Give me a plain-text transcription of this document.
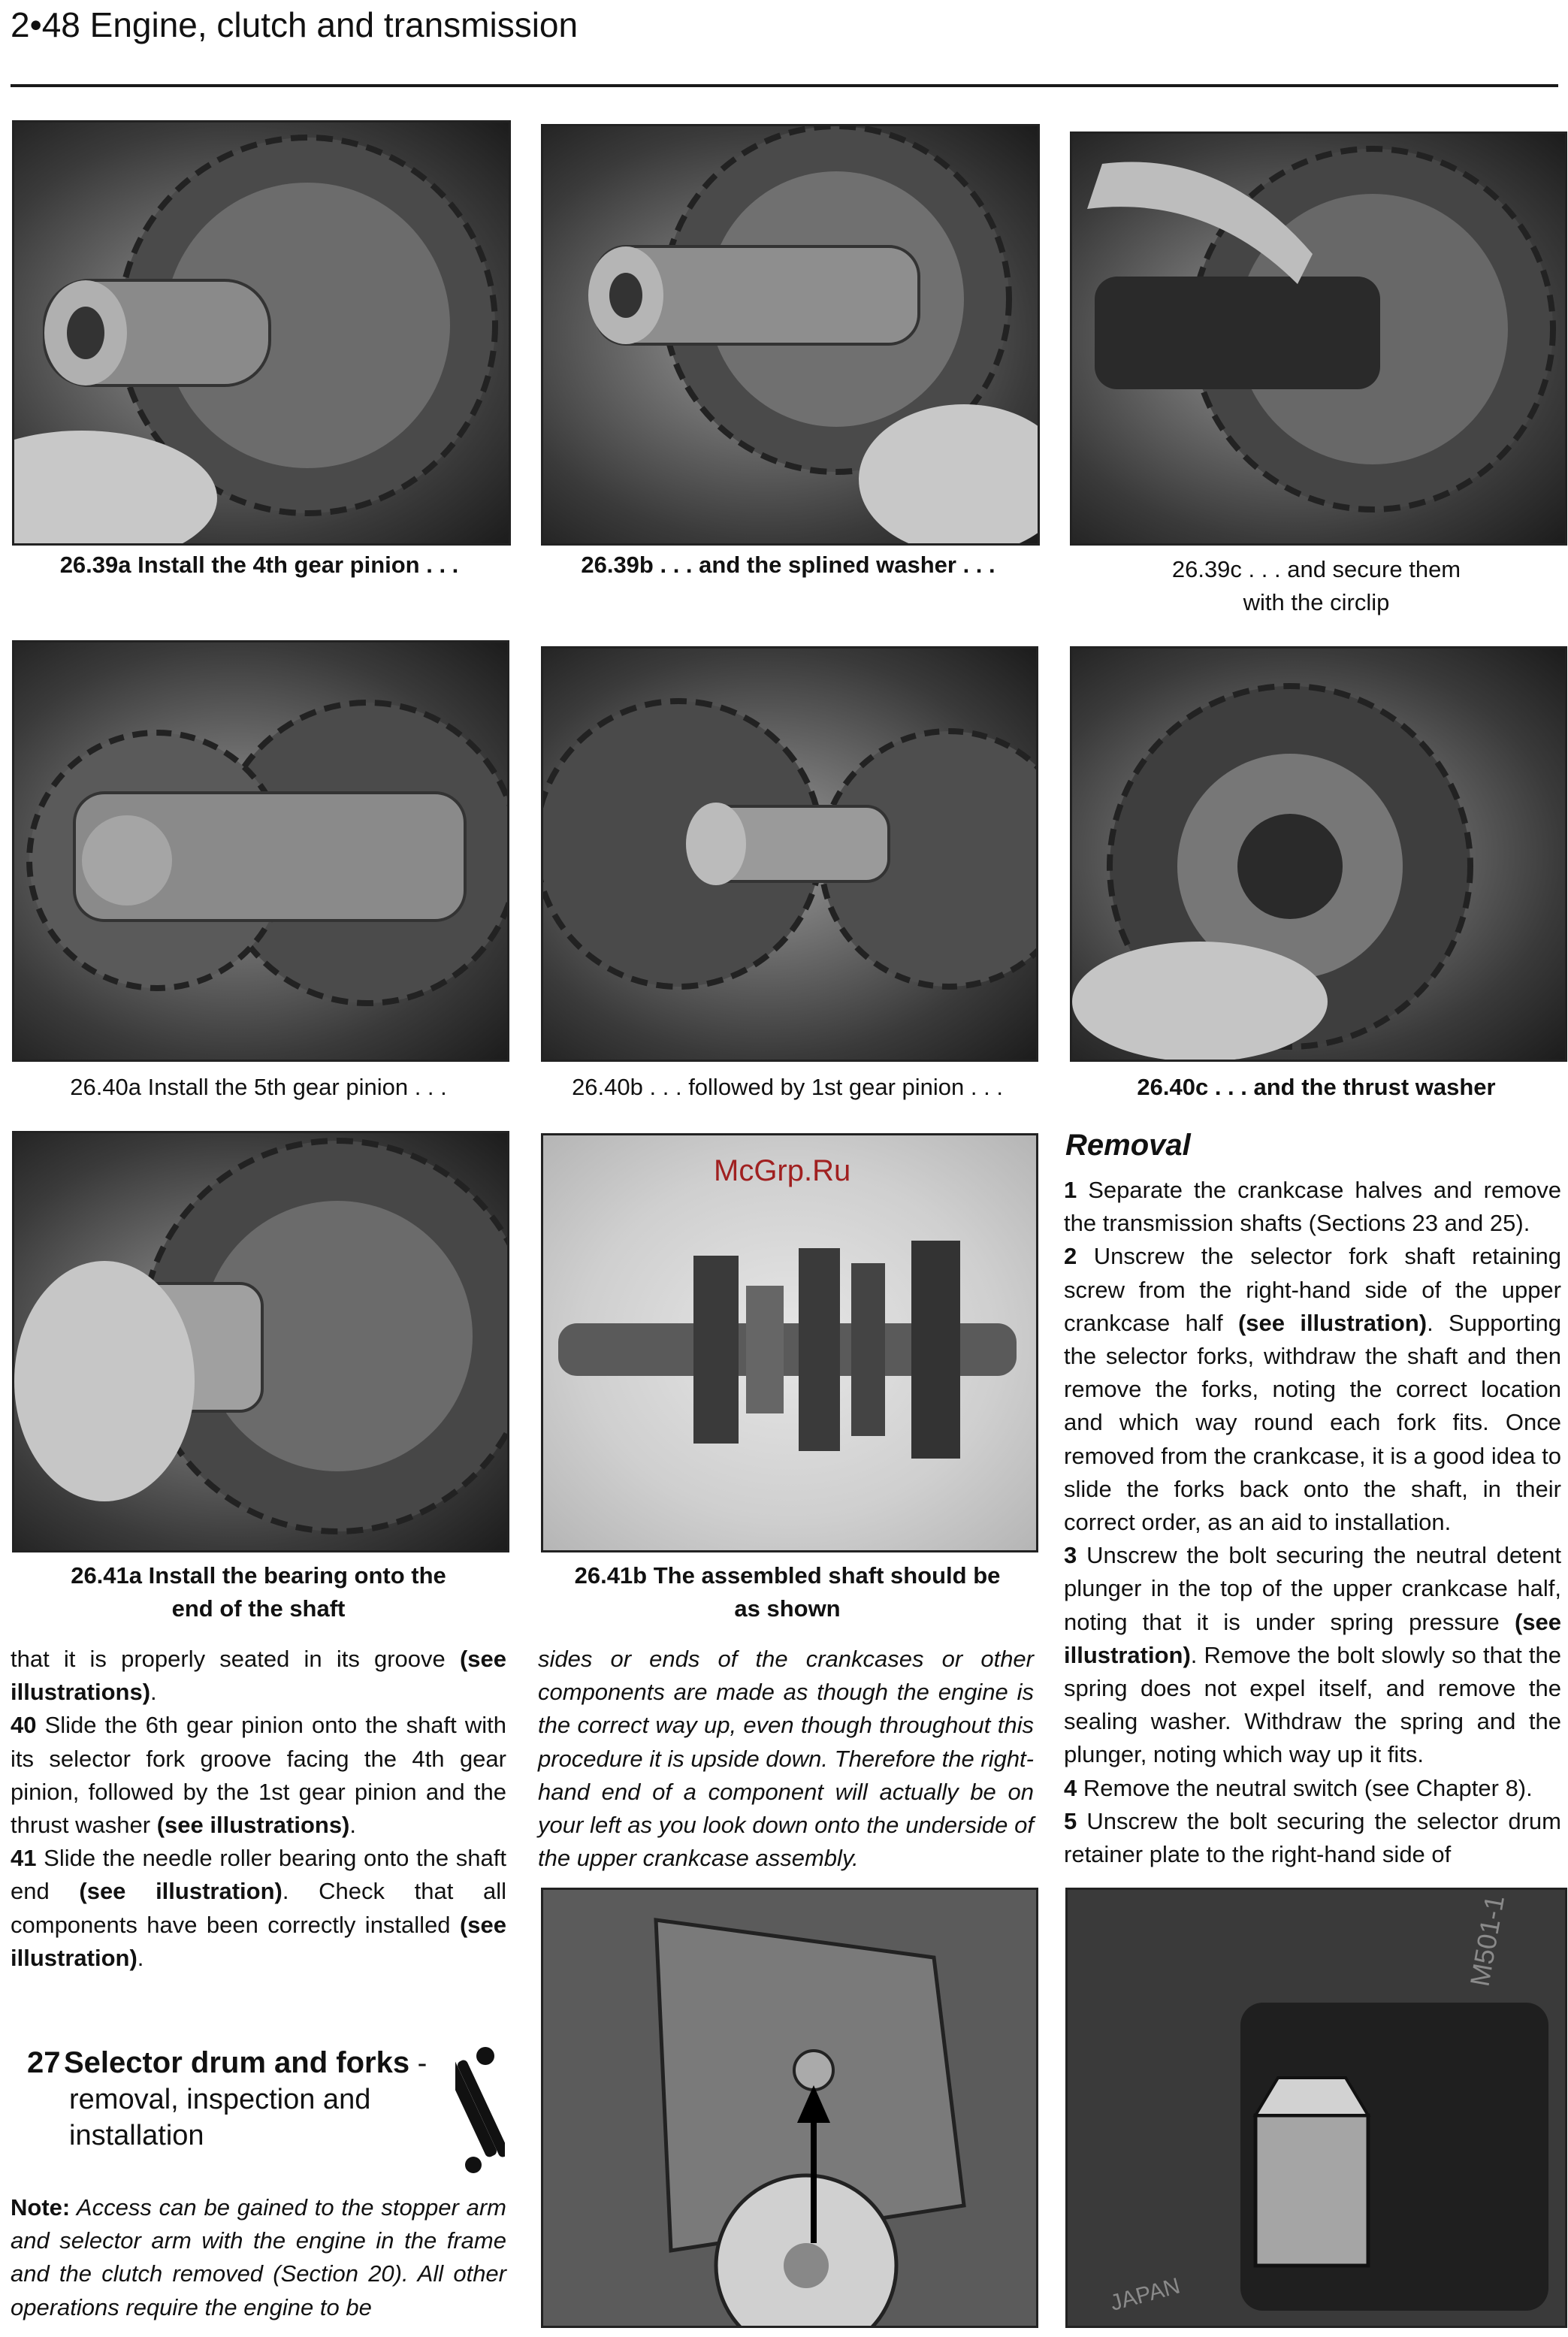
2•48 Engine, clutch and transmission
26.39a Install the 4th gear pinion . . .	26.39b . . . and the splined washer . . .	26.39c . . . and secure them
with the circlip
26.40a Install the 5th gear pinion . . .	26.40b . . . followed by 1st gear pinion . . .	26.40c . . . and the thrust washer
McGrp.Ru
Removal
26.41a Install the bearing onto the
end of the shaft
26.41b The assembled shaft should be
as shown

that it is properly seated in its groove (see illustrations).

40 Slide the 6th gear pinion onto the shaft with its selector fork groove facing the 4th gear pinion, followed by the 1st gear pinion and the thrust washer (see illustrations).

41 Slide the needle roller bearing onto the shaft end (see illustration). Check that all components have been correctly installed (see illustration).

27 Selector drum and forks -
removal, inspection and
installation

Note: Access can be gained to the stopper arm and selector arm with the engine in the frame and the clutch removed (Section 20). All other operations require the engine to be

sides or ends of the crankcases or other components are made as though the engine is the correct way up, even though throughout this procedure it is upside down. Therefore the right-hand end of a component will actually be on your left as you look down onto the underside of the upper crankcase assembly.

1 Separate the crankcase halves and remove the transmission shafts (Sections 23 and 25).

2 Unscrew the selector fork shaft retaining screw from the right-hand side of the upper crankcase half (see illustration). Supporting the selector forks, withdraw the shaft and then remove the forks, noting the correct location and which way round each fork fits. Once removed from the crankcase, it is a good idea to slide the forks back onto the shaft, in their correct order, as an aid to installation.

3 Unscrew the bolt securing the neutral detent plunger in the top of the upper crankcase half, noting that it is under spring pressure (see illustration). Remove the bolt slowly so that the spring does not expel itself, and remove the sealing washer. Withdraw the spring and the plunger, noting which way up it fits.

4 Remove the neutral switch (see Chapter 8).

5 Unscrew the bolt securing the selector drum retainer plate to the right-hand side of

M501-1
JAPAN
